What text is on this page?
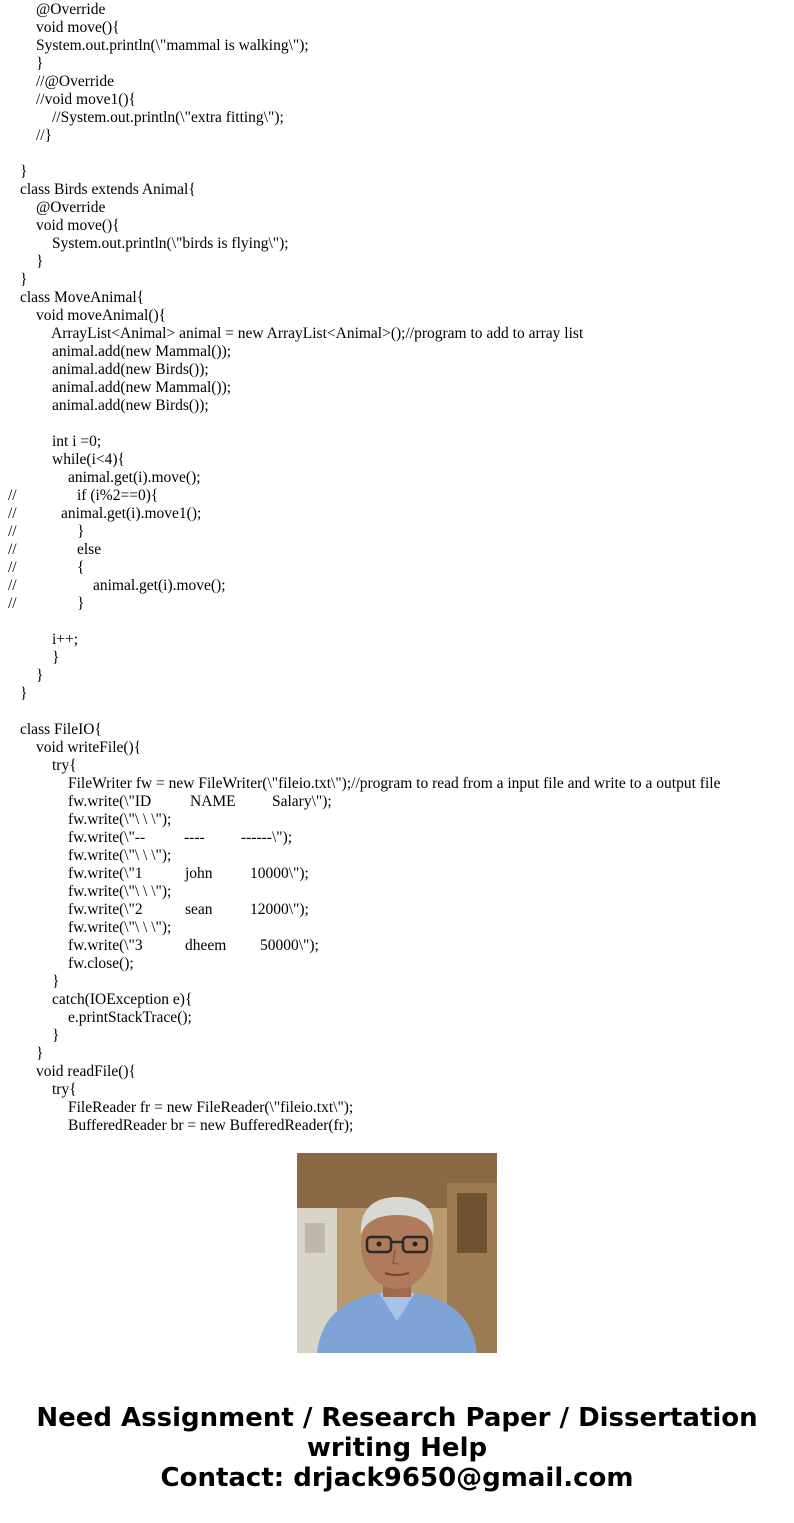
@Override
void move(){
System.out.println(\"mammal is walking\");
}
//@Override
//void move1(){
//System.out.println(\"extra fitting\");
//}
}
class Birds extends Animal{
@Override
void move(){
System.out.println(\"birds is flying\");
}
}
class MoveAnimal{
void moveAnimal(){
ArrayList<Animal> animal = new ArrayList<Animal>();//program to add to array list
animal.add(new Mammal());
animal.add(new Birds());
animal.add(new Mammal());
animal.add(new Birds());
int i =0;
while(i<4){
animal.get(i).move();
//	if (i%2==0){
//	animal.get(i).move1();
//	}
//	else
//	{
//	animal.get(i).move();
//	}
i++;
}
}
}
class FileIO{
void writeFile(){
try{
FileWriter fw = new FileWriter(\"fileio.txt\");//program to read from a input file and write to a output file
fw.write(\"ID	NAME Salary\");
fw.write(\"\ \ \");
fw.write(\"--	---- ------\");
fw.write(\"\ \ \");
fw.write(\"1	john 10000\");
fw.write(\"\ \ \");
fw.write(\"2	sean 12000\");
fw.write(\"\ \ \");
fw.write(\"3	dheem 50000\");
fw.close();
}
catch(IOException e){
e.printStackTrace();
}
}
void readFile(){
try{
FileReader fr = new FileReader(\"fileio.txt\");
BufferedReader br = new BufferedReader(fr);
Need Assignment / Research Paper / Dissertation
writing Help
Contact: drjack9650@gmail.com
